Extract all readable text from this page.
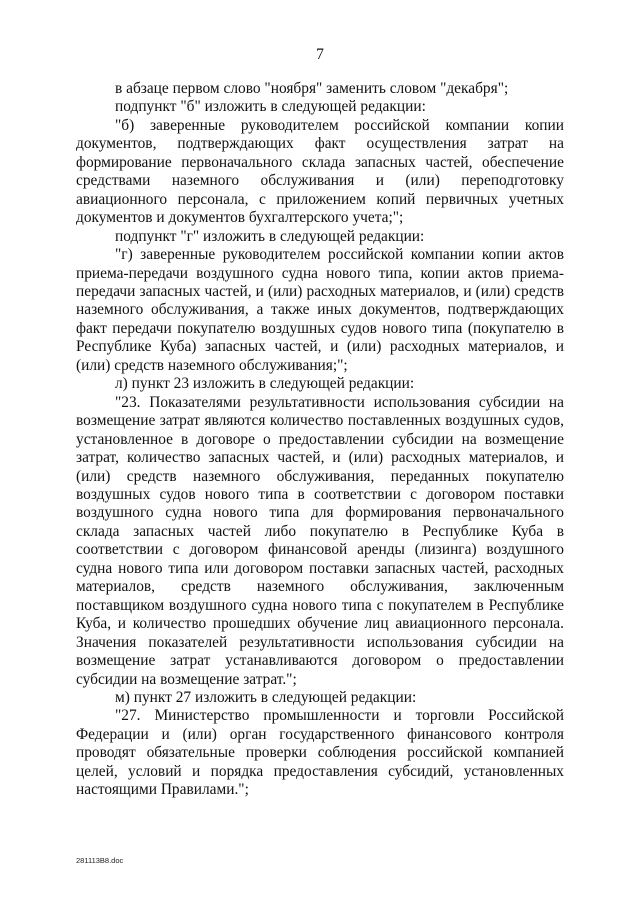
7

в абзаце первом слово "ноября" заменить словом "декабря";

подпункт "б" изложить в следующей редакции:

"б) заверенные руководителем российской компании копии документов, подтверждающих факт осуществления затрат на формирование первоначального склада запасных частей, обеспечение средствами наземного обслуживания и (или) переподготовку авиационного персонала, с приложением копий первичных учетных документов и документов бухгалтерского учета;";

подпункт "г" изложить в следующей редакции:

"г) заверенные руководителем российской компании копии актов приема-передачи воздушного судна нового типа, копии актов приема-передачи запасных частей, и (или) расходных материалов, и (или) средств наземного обслуживания, а также иных документов, подтверждающих факт передачи покупателю воздушных судов нового типа (покупателю в Республике Куба) запасных частей, и (или) расходных материалов, и (или) средств наземного обслуживания;";

л) пункт 23 изложить в следующей редакции:

"23. Показателями результативности использования субсидии на возмещение затрат являются количество поставленных воздушных судов, установленное в договоре о предоставлении субсидии на возмещение затрат, количество запасных частей, и (или) расходных материалов, и (или) средств наземного обслуживания, переданных покупателю воздушных судов нового типа в соответствии с договором поставки воздушного судна нового типа для формирования первоначального склада запасных частей либо покупателю в Республике Куба в соответствии с договором финансовой аренды (лизинга) воздушного судна нового типа или договором поставки запасных частей, расходных материалов, средств наземного обслуживания, заключенным поставщиком воздушного судна нового типа с покупателем в Республике Куба, и количество прошедших обучение лиц авиационного персонала. Значения показателей результативности использования субсидии на возмещение затрат устанавливаются договором о предоставлении субсидии на возмещение затрат.";

м) пункт 27 изложить в следующей редакции:

"27. Министерство промышленности и торговли Российской Федерации и (или) орган государственного финансового контроля проводят обязательные проверки соблюдения российской компанией целей, условий и порядка предоставления субсидий, установленных настоящими Правилами.";

281113B8.doc
